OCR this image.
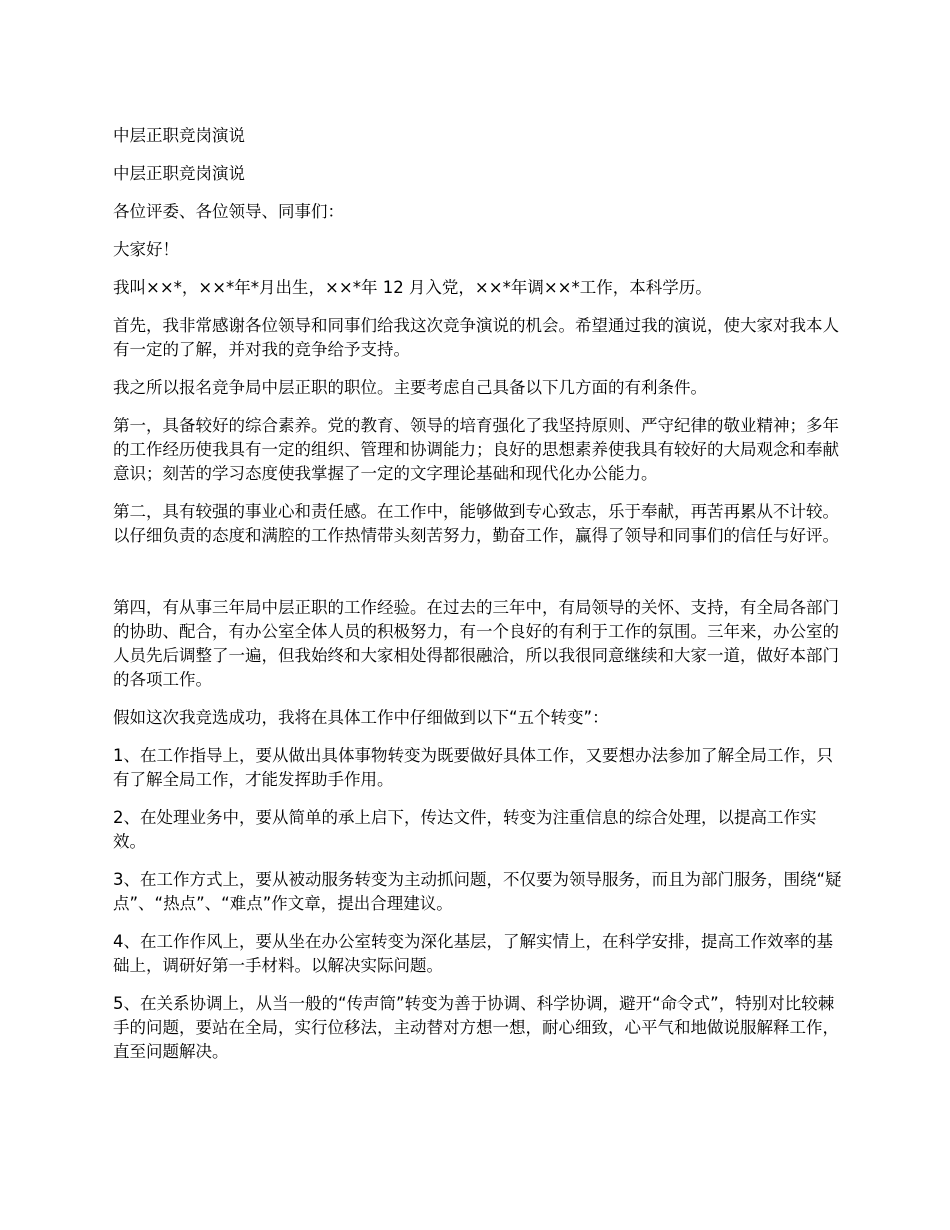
中层正职竞岗演说

中层正职竞岗演说

各位评委、各位领导、同事们：

大家好！

我叫××*，××*年*月出生，××*年 12 月入党，××*年调××*工作，本科学历。

首先，我非常感谢各位领导和同事们给我这次竞争演说的机会。希望通过我的演说，使大家对我本人有一定的了解，并对我的竞争给予支持。

我之所以报名竞争局中层正职的职位。主要考虑自己具备以下几方面的有利条件。

第一，具备较好的综合素养。党的教育、领导的培育强化了我坚持原则、严守纪律的敬业精神；多年的工作经历使我具有一定的组织、管理和协调能力；良好的思想素养使我具有较好的大局观念和奉献意识；刻苦的学习态度使我掌握了一定的文字理论基础和现代化办公能力。

第二，具有较强的事业心和责任感。在工作中，能够做到专心致志，乐于奉献，再苦再累从不计较。以仔细负责的态度和满腔的工作热情带头刻苦努力，勤奋工作，赢得了领导和同事们的信任与好评。

第四，有从事三年局中层正职的工作经验。在过去的三年中，有局领导的关怀、支持，有全局各部门的协助、配合，有办公室全体人员的积极努力，有一个良好的有利于工作的氛围。三年来，办公室的人员先后调整了一遍，但我始终和大家相处得都很融洽，所以我很同意继续和大家一道，做好本部门的各项工作。

假如这次我竞选成功，我将在具体工作中仔细做到以下“五个转变”：

1、在工作指导上，要从做出具体事物转变为既要做好具体工作，又要想办法参加了解全局工作，只有了解全局工作，才能发挥助手作用。

2、在处理业务中，要从简单的承上启下，传达文件，转变为注重信息的综合处理，以提高工作实效。

3、在工作方式上，要从被动服务转变为主动抓问题，不仅要为领导服务，而且为部门服务，围绕“疑点”、“热点”、“难点”作文章，提出合理建议。

4、在工作作风上，要从坐在办公室转变为深化基层，了解实情上，在科学安排，提高工作效率的基础上，调研好第一手材料。以解决实际问题。

5、在关系协调上，从当一般的“传声筒”转变为善于协调、科学协调，避开“命令式”，特别对比较棘手的问题，要站在全局，实行位移法，主动替对方想一想，耐心细致，心平气和地做说服解释工作，直至问题解决。
